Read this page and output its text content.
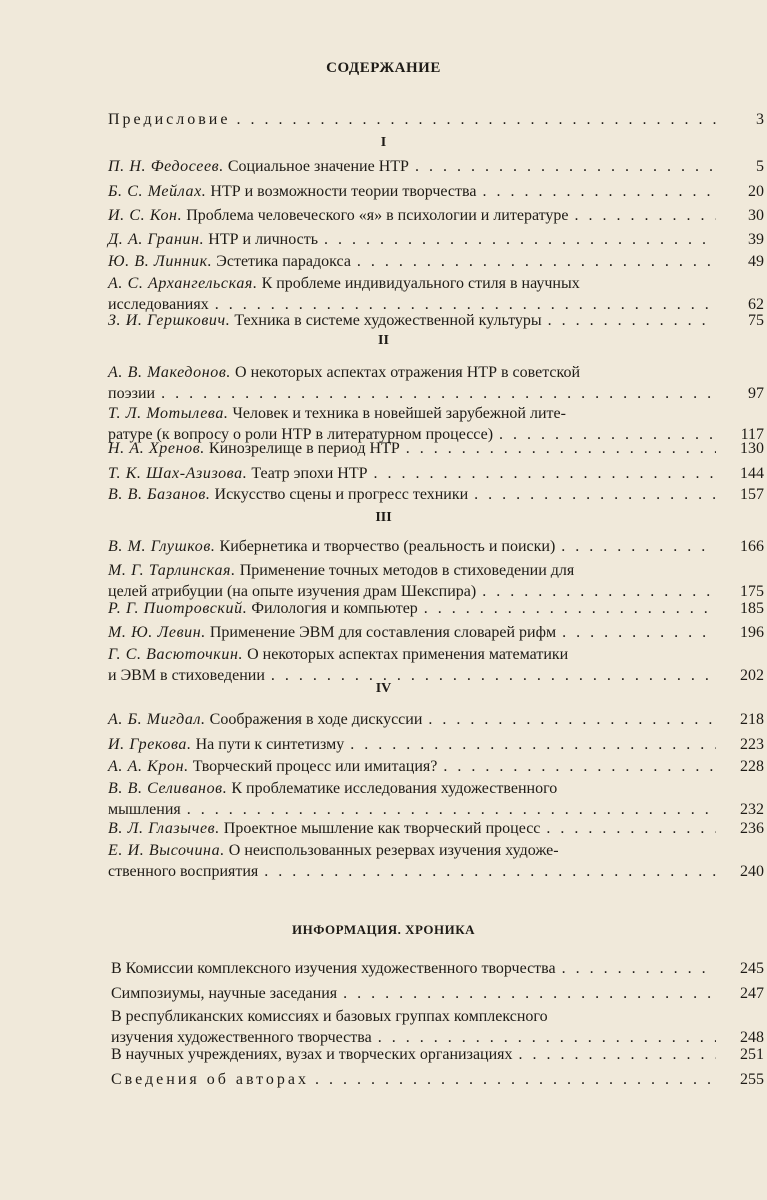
СОДЕРЖАНИЕ
Предисловие . . .	3
I
П. Н. Федосеев. Социальное значение НТР . . .	5
Б. С. Мейлах. НТР и возможности теории творчества . . .	20
И. С. Кон. Проблема человеческого «я» в психологии и литературе . . .	30
Д. А. Гранин. НТР и личность . . .	39
Ю. В. Линник. Эстетика парадокса . . .	49
А. С. Архангельская. К проблеме индивидуального стиля в научных
исследованиях . . .	62
З. И. Гершкович. Техника в системе художественной культуры . . .	75
II
А. В. Македонов. О некоторых аспектах отражения НТР в советской
поэзии . . .	97
Т. Л. Мотылева. Человек и техника в новейшей зарубежной лите-
ратуре (к вопросу о роли НТР в литературном процессе) . . .	117
Н. А. Хренов. Кинозрелище в период НТР . . .	130
Т. К. Шах-Азизова. Театр эпохи НТР . . .	144
В. В. Базанов. Искусство сцены и прогресс техники . . .	157
III
В. М. Глушков. Кибернетика и творчество (реальность и поиски) . . .	166
М. Г. Тарлинская. Применение точных методов в стиховедении для
целей атрибуции (на опыте изучения драм Шекспира) . . .	175
Р. Г. Пиотровский. Филология и компьютер . . .	185
М. Ю. Левин. Применение ЭВМ для составления словарей рифм . . .	196
Г. С. Васюточкин. О некоторых аспектах применения математики
и ЭВМ в стиховедении . . .	202
IV
А. Б. Мигдал. Соображения в ходе дискуссии . . .	218
И. Грекова. На пути к синтетизму . . .	223
А. А. Крон. Творческий процесс или имитация? . . .	228
В. В. Селиванов. К проблематике исследования художественного
мышления . . .	232
В. Л. Глазычев. Проектное мышление как творческий процесс . . .	236
Е. И. Высочина. О неиспользованных резервах изучения художе-
ственного восприятия . . .	240
ИНФОРМАЦИЯ. ХРОНИКА
В Комиссии комплексного изучения художественного творчества . . .	245
Симпозиумы, научные заседания . . .	247
В республиканских комиссиях и базовых группах комплексного
изучения художественного творчества . . .	248
В научных учреждениях, вузах и творческих организациях . . .	251
Сведения об авторах . . .	255
